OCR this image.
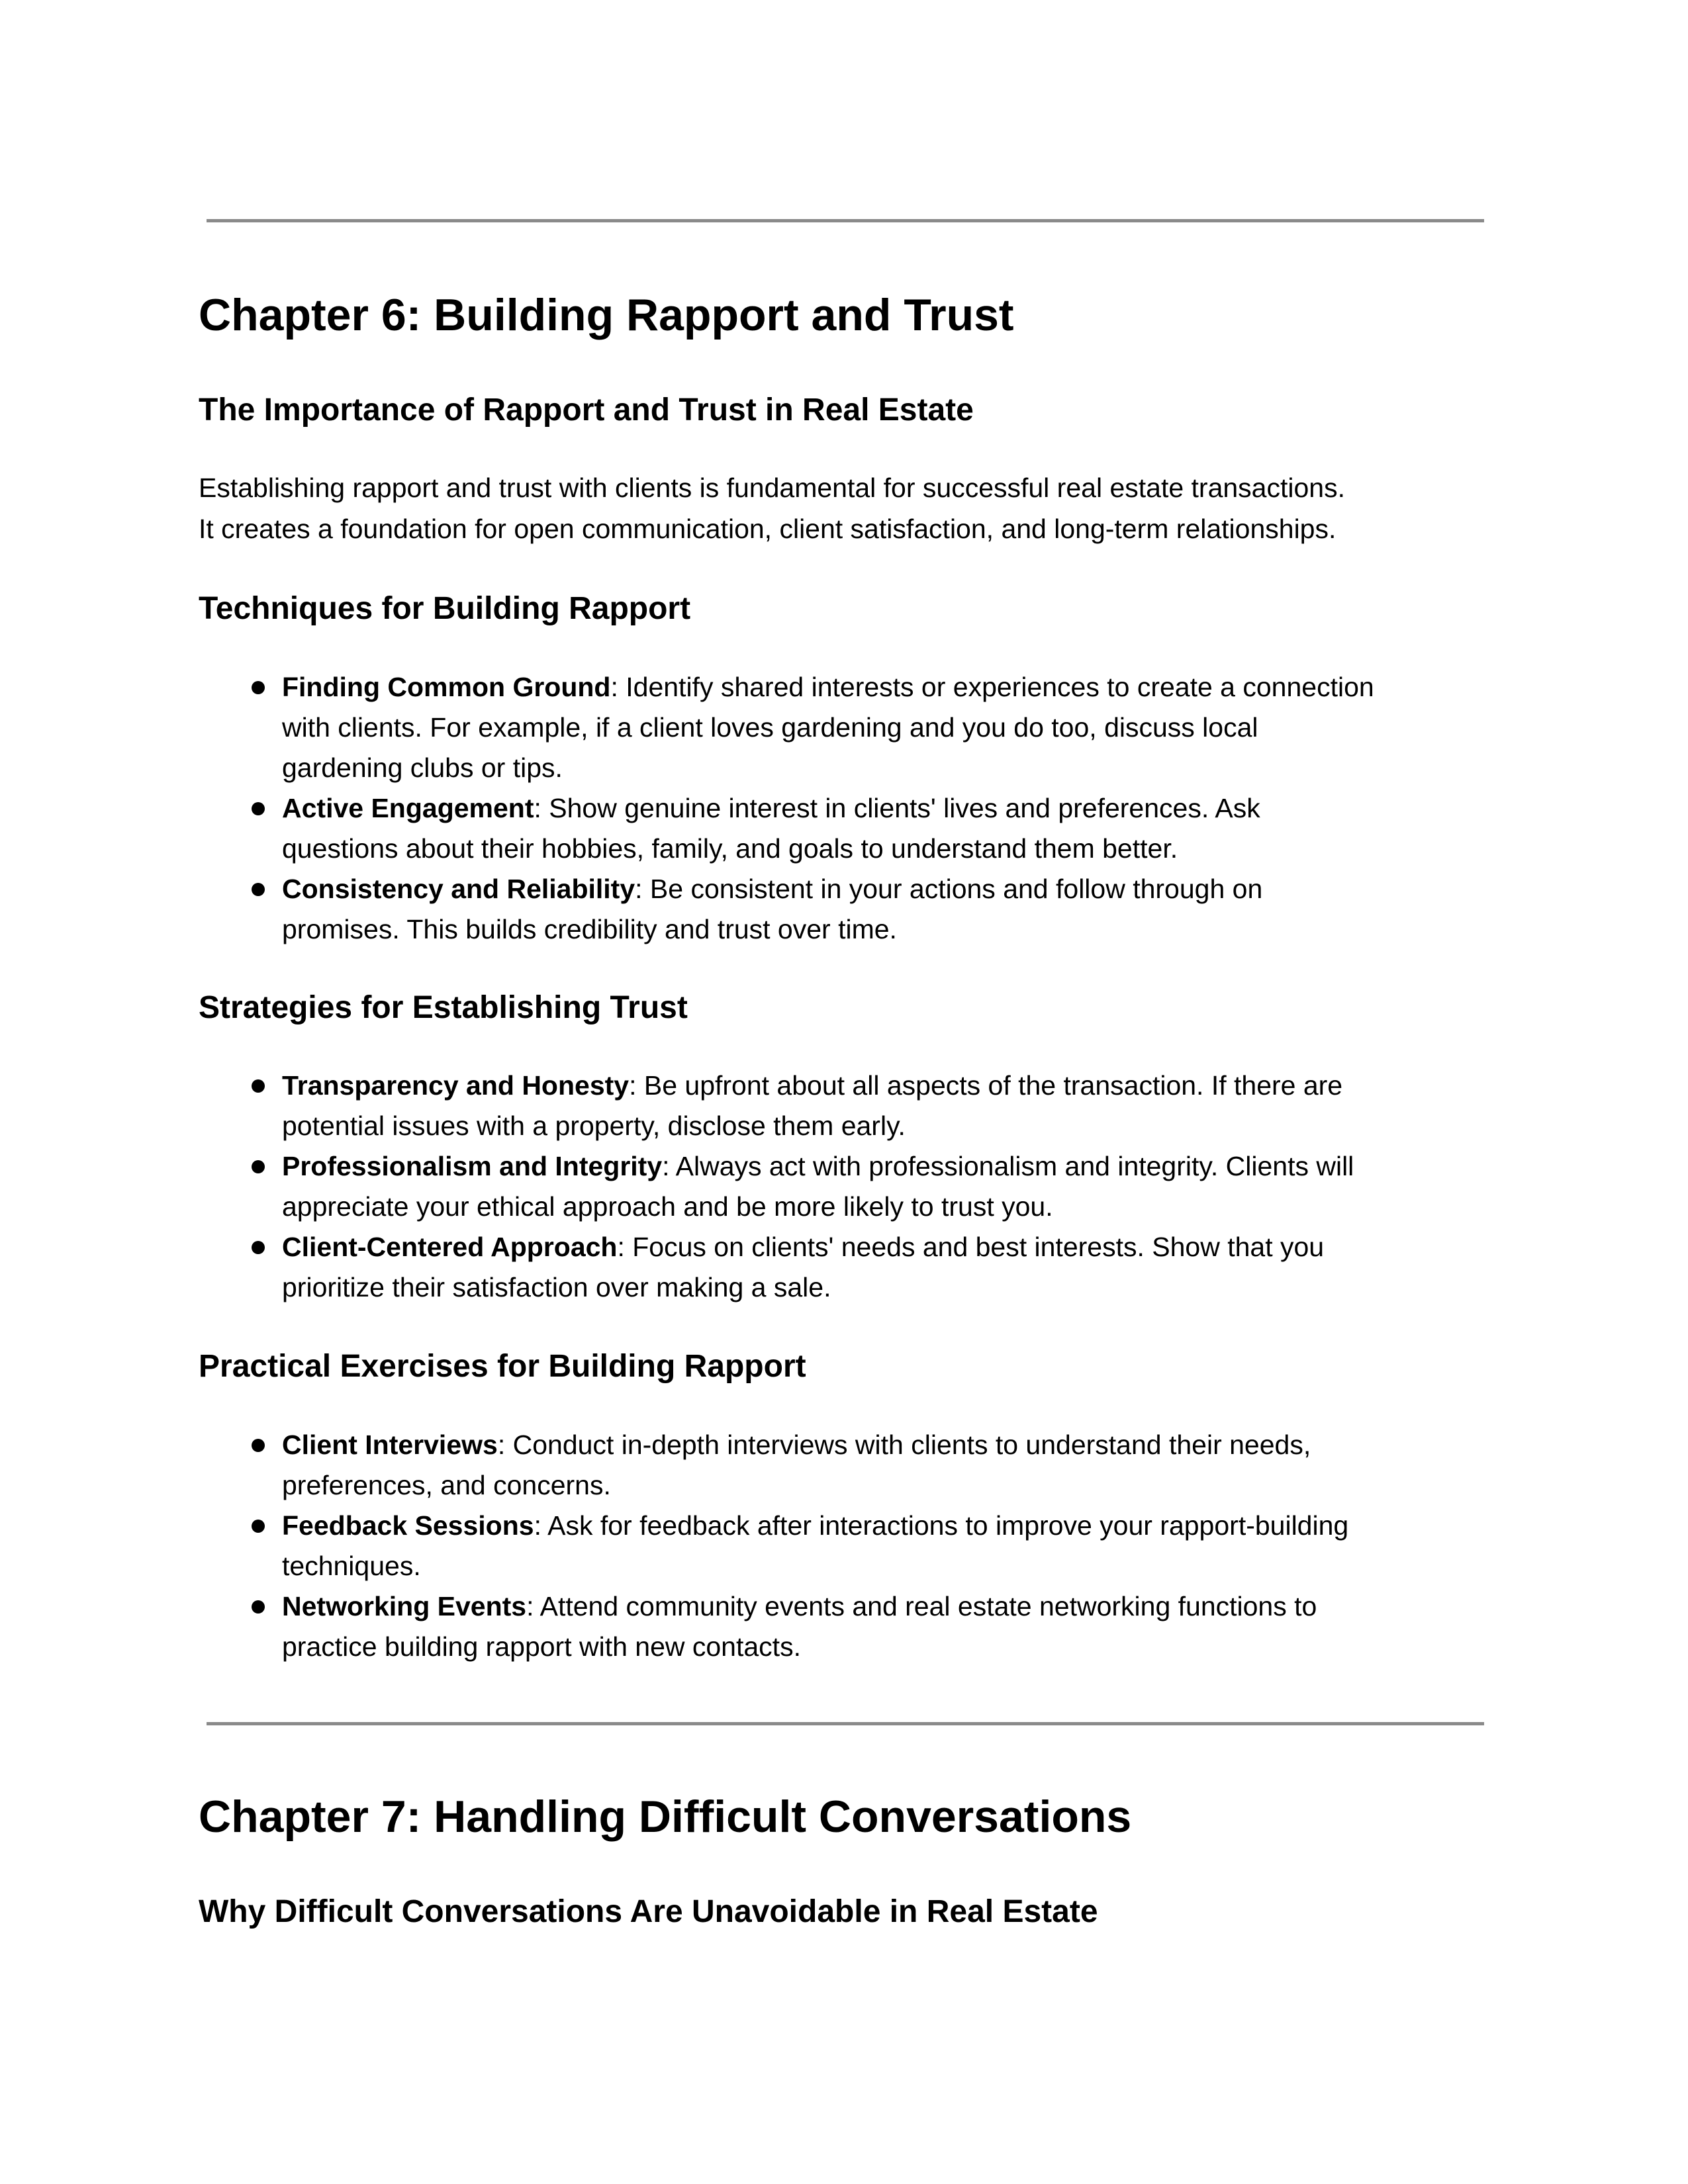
Chapter 6: Building Rapport and Trust
The Importance of Rapport and Trust in Real Estate

Establishing rapport and trust with clients is fundamental for successful real estate transactions.
It creates a foundation for open communication, client satisfaction, and long-term relationships.

Techniques for Building Rapport
Finding Common Ground: Identify shared interests or experiences to create a connection
with clients. For example, if a client loves gardening and you do too, discuss local
gardening clubs or tips.
Active Engagement: Show genuine interest in clients' lives and preferences. Ask
questions about their hobbies, family, and goals to understand them better.
Consistency and Reliability: Be consistent in your actions and follow through on
promises. This builds credibility and trust over time.
Strategies for Establishing Trust
Transparency and Honesty: Be upfront about all aspects of the transaction. If there are
potential issues with a property, disclose them early.
Professionalism and Integrity: Always act with professionalism and integrity. Clients will
appreciate your ethical approach and be more likely to trust you.
Client-Centered Approach: Focus on clients' needs and best interests. Show that you
prioritize their satisfaction over making a sale.
Practical Exercises for Building Rapport
Client Interviews: Conduct in-depth interviews with clients to understand their needs,
preferences, and concerns.
Feedback Sessions: Ask for feedback after interactions to improve your rapport-building
techniques.
Networking Events: Attend community events and real estate networking functions to
practice building rapport with new contacts.
Chapter 7: Handling Difficult Conversations
Why Difficult Conversations Are Unavoidable in Real Estate
